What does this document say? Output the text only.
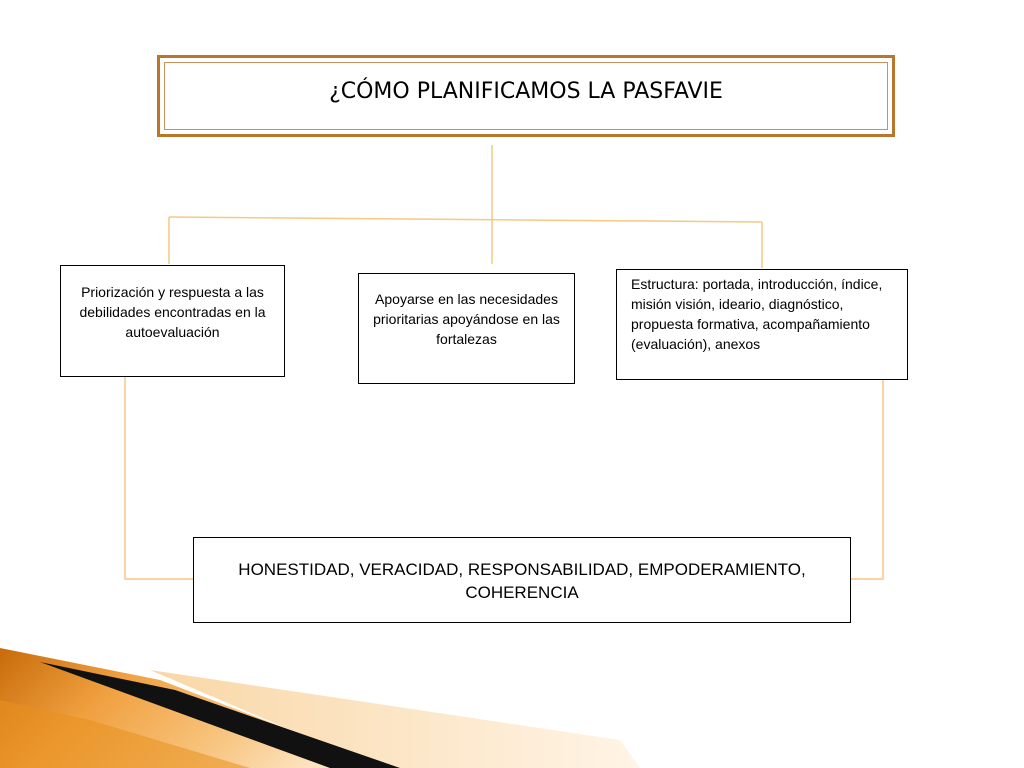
¿CÓMO PLANIFICAMOS LA PASFAVIE
Priorización y respuesta a las debilidades encontradas en la autoevaluación
Apoyarse en las necesidades prioritarias apoyándose en las fortalezas
Estructura: portada, introducción, índice, misión visión, ideario, diagnóstico, propuesta formativa, acompañamiento (evaluación), anexos
HONESTIDAD, VERACIDAD, RESPONSABILIDAD, EMPODERAMIENTO, COHERENCIA
